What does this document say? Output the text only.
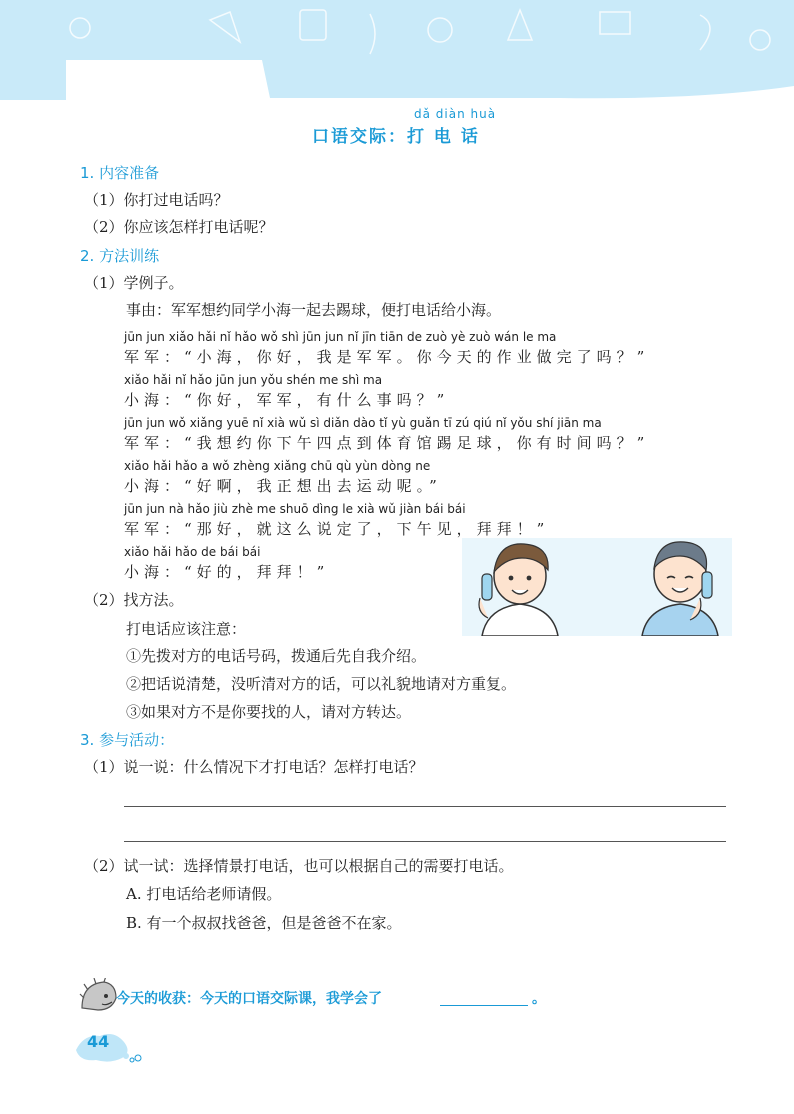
dǎ diàn huà
口语交际：打 电 话
1. 内容准备
（1）你打过电话吗？
（2）你应该怎样打电话呢？
2. 方法训练
（1）学例子。
事由：军军想约同学小海一起去踢球，便打电话给小海。
jūn jun xiǎo hǎi nǐ hǎo wǒ shì jūn jun nǐ jīn tiān de zuò yè zuò wán le ma
军军：“小海，你好，我是军军。你今天的作业做完了吗？”
xiǎo hǎi nǐ hǎo jūn jun yǒu shén me shì ma
小海：“你好，军军，有什么事吗？”
jūn jun wǒ xiǎng yuē nǐ xià wǔ sì diǎn dào tǐ yù guǎn tī zú qiú nǐ yǒu shí jiān ma
军军：“我想约你下午四点到体育馆踢足球，你有时间吗？”
xiǎo hǎi hǎo a wǒ zhèng xiǎng chū qù yùn dòng ne
小海：“好啊，我正想出去运动呢。”
jūn jun nà hǎo jiù zhè me shuō dìng le xià wǔ jiàn bái bái
军军：“那好，就这么说定了，下午见，拜拜！”
xiǎo hǎi hǎo de bái bái
小海：“好的，拜拜！”
（2）找方法。
打电话应该注意：
①先拨对方的电话号码，拨通后先自我介绍。
②把话说清楚，没听清对方的话，可以礼貌地请对方重复。
③如果对方不是你要找的人，请对方转达。
3. 参与活动：
（1）说一说：什么情况下才打电话？怎样打电话？
（2）试一试：选择情景打电话，也可以根据自己的需要打电话。
A. 打电话给老师请假。
B. 有一个叔叔找爸爸，但是爸爸不在家。
今天的收获：今天的口语交际课，我学会了	。
44
